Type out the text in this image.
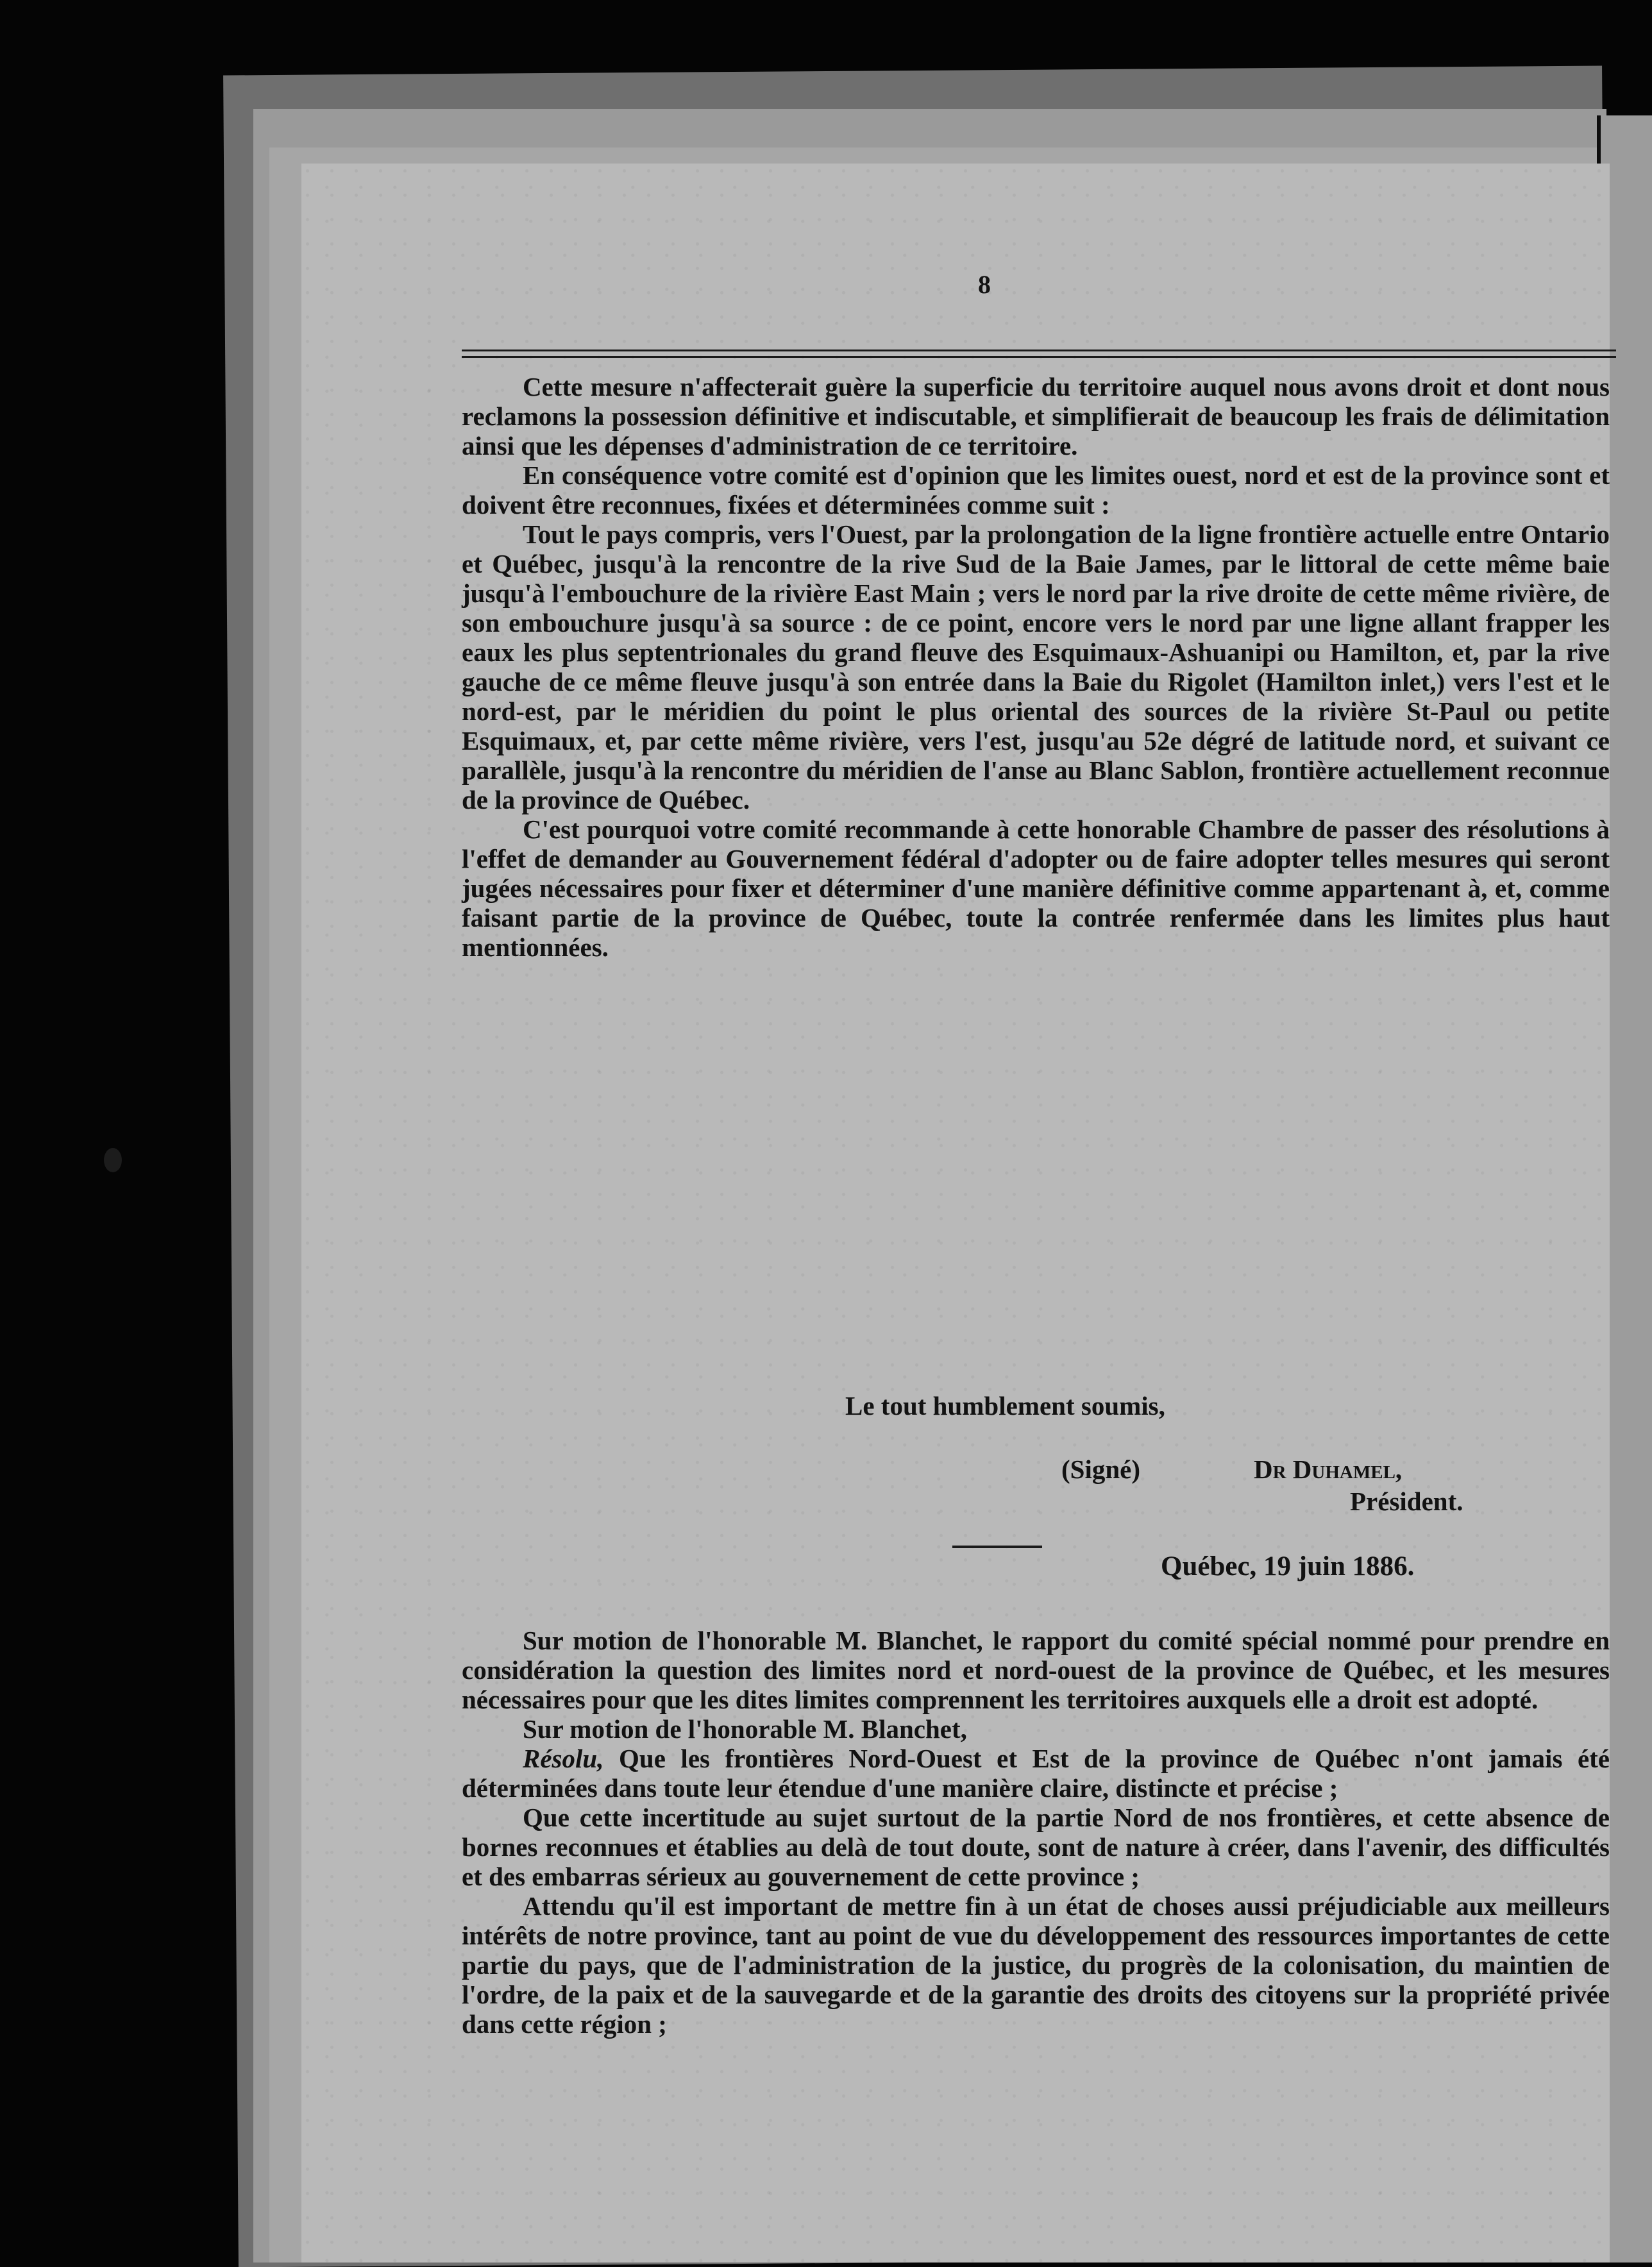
8

Cette mesure n'affecterait guère la superficie du territoire auquel nous avons droit et dont nous reclamons la possession définitive et indiscutable, et simplifierait de beaucoup les frais de délimitation ainsi que les dépenses d'administration de ce territoire.

En conséquence votre comité est d'opinion que les limites ouest, nord et est de la province sont et doivent être reconnues, fixées et déterminées comme suit :

Tout le pays compris, vers l'Ouest, par la prolongation de la ligne frontière actuelle entre Ontario et Québec, jusqu'à la rencontre de la rive Sud de la Baie James, par le littoral de cette même baie jusqu'à l'embouchure de la rivière East Main ; vers le nord par la rive droite de cette même rivière, de son embouchure jusqu'à sa source : de ce point, encore vers le nord par une ligne allant frapper les eaux les plus septentrionales du grand fleuve des Esquimaux-Ashuanipi ou Hamilton, et, par la rive gauche de ce même fleuve jusqu'à son entrée dans la Baie du Rigolet (Hamilton inlet,) vers l'est et le nord-est, par le méridien du point le plus oriental des sources de la rivière St-Paul ou petite Esquimaux, et, par cette même rivière, vers l'est, jusqu'au 52e dégré de latitude nord, et suivant ce parallèle, jusqu'à la rencontre du méridien de l'anse au Blanc Sablon, frontière actuellement reconnue de la province de Québec.

C'est pourquoi votre comité recommande à cette honorable Chambre de passer des résolutions à l'effet de demander au Gouvernement fédéral d'adopter ou de faire adopter telles mesures qui seront jugées nécessaires pour fixer et déterminer d'une manière définitive comme appartenant à, et, comme faisant partie de la province de Québec, toute la contrée renfermée dans les limites plus haut mentionnées.

Le tout humblement soumis,
(Signé)	Dr Duhamel,
Président.
Québec, 19 juin 1886.

Sur motion de l'honorable M. Blanchet, le rapport du comité spécial nommé pour prendre en considération la question des limites nord et nord-ouest de la province de Québec, et les mesures nécessaires pour que les dites limites comprennent les territoires auxquels elle a droit est adopté.

Sur motion de l'honorable M. Blanchet,

Résolu, Que les frontières Nord-Ouest et Est de la province de Québec n'ont jamais été déterminées dans toute leur étendue d'une manière claire, distincte et précise ;

Que cette incertitude au sujet surtout de la partie Nord de nos frontières, et cette absence de bornes reconnues et établies au delà de tout doute, sont de nature à créer, dans l'avenir, des difficultés et des embarras sérieux au gouvernement de cette province ;

Attendu qu'il est important de mettre fin à un état de choses aussi préjudiciable aux meilleurs intérêts de notre province, tant au point de vue du développement des ressources importantes de cette partie du pays, que de l'administration de la justice, du progrès de la colonisation, du maintien de l'ordre, de la paix et de la sauvegarde et de la garantie des droits des citoyens sur la propriété privée dans cette région ;
